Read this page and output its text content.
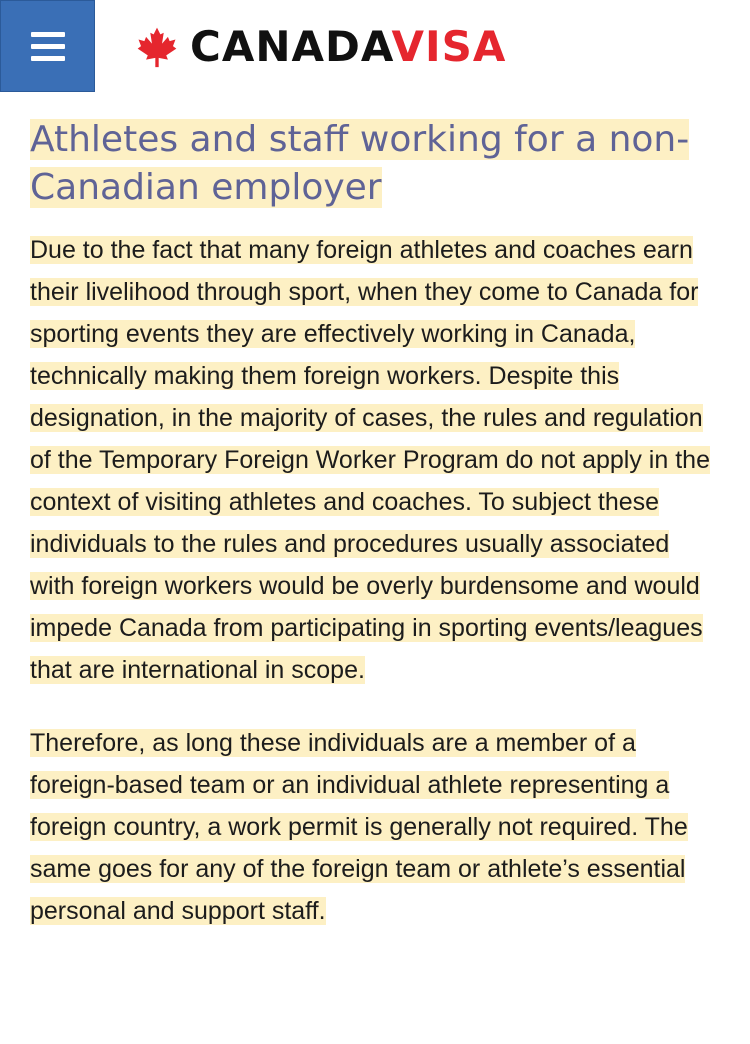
CANADAVISA
Athletes and staff working for a non-Canadian employer

Due to the fact that many foreign athletes and coaches earn their livelihood through sport, when they come to Canada for sporting events they are effectively working in Canada, technically making them foreign workers. Despite this designation, in the majority of cases, the rules and regulation of the Temporary Foreign Worker Program do not apply in the context of visiting athletes and coaches. To subject these individuals to the rules and procedures usually associated with foreign workers would be overly burdensome and would impede Canada from participating in sporting events/leagues that are international in scope.

Therefore, as long these individuals are a member of a foreign-based team or an individual athlete representing a foreign country, a work permit is generally not required. The same goes for any of the foreign team or athlete’s essential personal and support staff.
